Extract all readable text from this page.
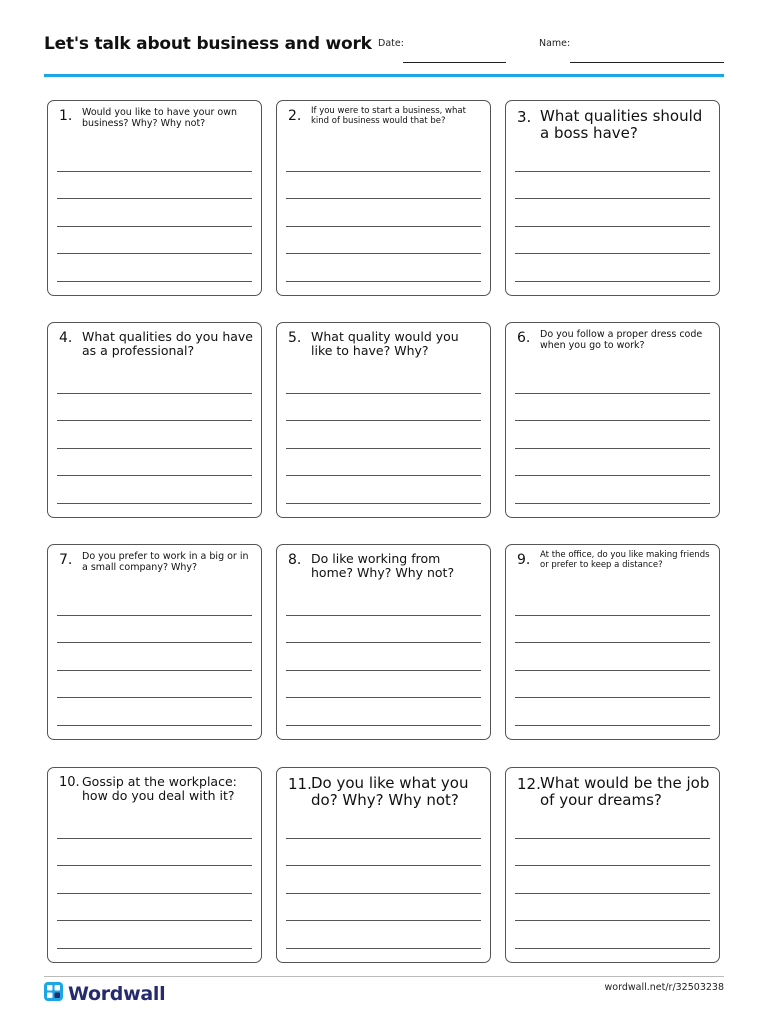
Let's talk about business and work Date:	Name:
1. Would you like to have your own business? Why? Why not?	2. If you were to start a business, what kind of business would that be?	3. What qualities should a boss have?
4. What qualities do you have as a professional?
5. What quality would you like to have? Why?
6. Do you follow a proper dress code when you go to work?
7. Do you prefer to work in a big or in a small company? Why?	8. Do like working from home? Why? Why not?
9. At the office, do you like making friends or prefer to keep a distance?
10. Gossip at the workplace: how do you deal with it?
11. Do you like what you do? Why? Why not?
12. What would be the job of your dreams?
Wordwall	wordwall.net/r/32503238
